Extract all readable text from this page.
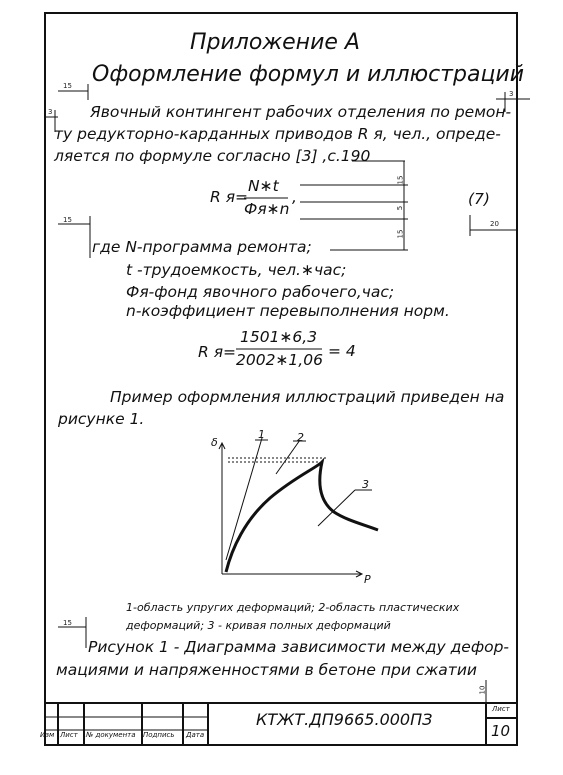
Приложение А
Оформление формул и иллюстраций
Явочный контингент рабочих отделения по ремон-
ту редукторно-карданных приводов R я, чел., опреде-
ляется по формуле согласно [3] ,с.190
R я=
N∗t
Фя∗n
,	(7)
где N-программа ремонта;
t -трудоемкость, чел.∗час;
Фя-фонд явочного рабочего,час;
n-коэффициент перевыполнения норм.
R я=
1501∗6,3
2002∗1,06 = 4
Пример оформления иллюстраций приведен на
рисунке 1.
δ
P
1	2
3
1-область упругих деформаций; 2-область пластических
деформаций; 3 - кривая полных деформаций
Рисунок 1 - Диаграмма зависимости между дефор-
мациями и напряженностями в бетоне при сжатии
15
3
3
15
5
15
15	20
15
10
Изм Лист № документа Подпись Дата
КТЖТ.ДП9665.000ПЗ
Лист
10
